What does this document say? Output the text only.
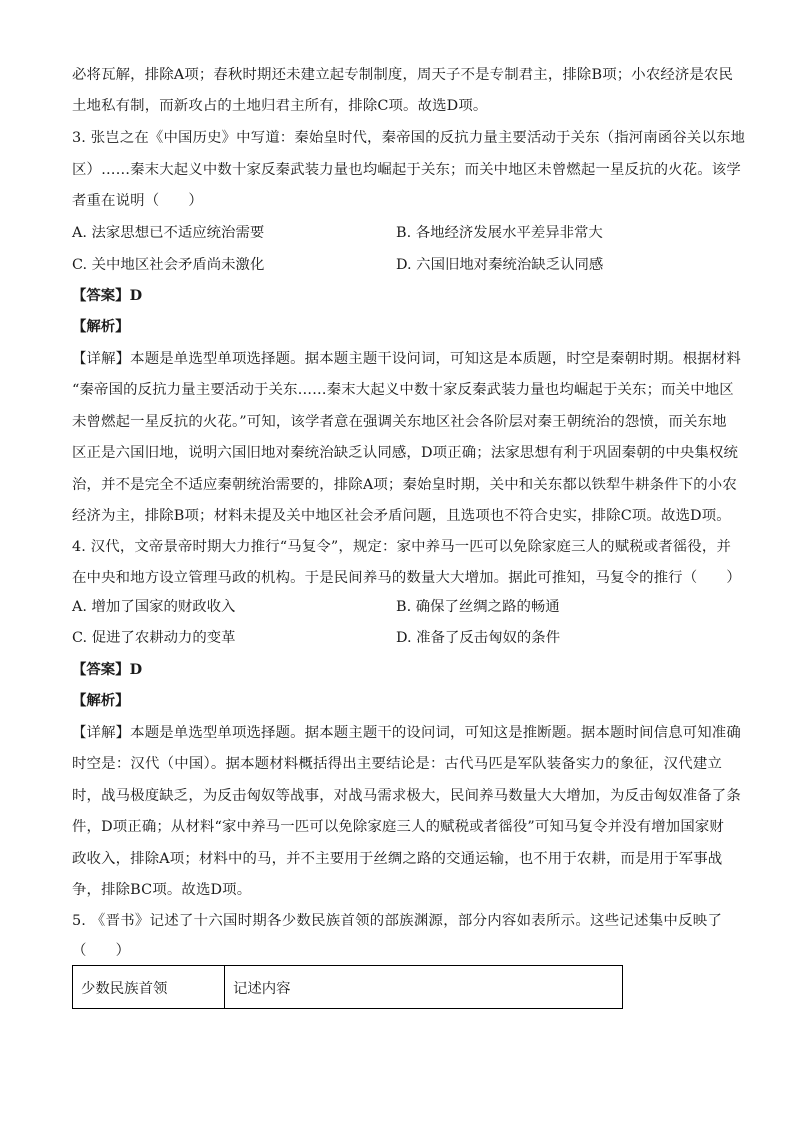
必将瓦解，排除A项；春秋时期还未建立起专制制度，周天子不是专制君主，排除B项；小农经济是农民
土地私有制，而新攻占的土地归君主所有，排除C项。故选D项。
3. 张岂之在《中国历史》中写道：秦始皇时代，秦帝国的反抗力量主要活动于关东（指河南函谷关以东地
区）……秦末大起义中数十家反秦武装力量也均崛起于关东；而关中地区未曾燃起一星反抗的火花。该学
者重在说明（　　）
A. 法家思想已不适应统治需要	B. 各地经济发展水平差异非常大
C. 关中地区社会矛盾尚未激化	D. 六国旧地对秦统治缺乏认同感
【答案】D
【解析】
【详解】本题是单选型单项选择题。据本题主题干设问词，可知这是本质题，时空是秦朝时期。根据材料
“秦帝国的反抗力量主要活动于关东……秦末大起义中数十家反秦武装力量也均崛起于关东；而关中地区
未曾燃起一星反抗的火花。”可知，该学者意在强调关东地区社会各阶层对秦王朝统治的怨愤，而关东地
区正是六国旧地，说明六国旧地对秦统治缺乏认同感，D项正确；法家思想有利于巩固秦朝的中央集权统
治，并不是完全不适应秦朝统治需要的，排除A项；秦始皇时期，关中和关东都以铁犁牛耕条件下的小农
经济为主，排除B项；材料未提及关中地区社会矛盾问题，且选项也不符合史实，排除C项。故选D项。
4. 汉代，文帝景帝时期大力推行“马复令”，规定：家中养马一匹可以免除家庭三人的赋税或者徭役，并
在中央和地方设立管理马政的机构。于是民间养马的数量大大增加。据此可推知，马复令的推行（　　）
A. 增加了国家的财政收入	B. 确保了丝绸之路的畅通
C. 促进了农耕动力的变革	D. 准备了反击匈奴的条件
【答案】D
【解析】
【详解】本题是单选型单项选择题。据本题主题干的设问词，可知这是推断题。据本题时间信息可知准确
时空是：汉代（中国）。据本题材料概括得出主要结论是：古代马匹是军队装备实力的象征，汉代建立
时，战马极度缺乏，为反击匈奴等战事，对战马需求极大，民间养马数量大大增加，为反击匈奴准备了条
件，D项正确；从材料“家中养马一匹可以免除家庭三人的赋税或者徭役”可知马复令并没有增加国家财
政收入，排除A项；材料中的马，并不主要用于丝绸之路的交通运输，也不用于农耕，而是用于军事战
争，排除BC项。故选D项。
5. 《晋书》记述了十六国时期各少数民族首领的部族渊源，部分内容如表所示。这些记述集中反映了
（　　）
少数民族首领	记述内容
